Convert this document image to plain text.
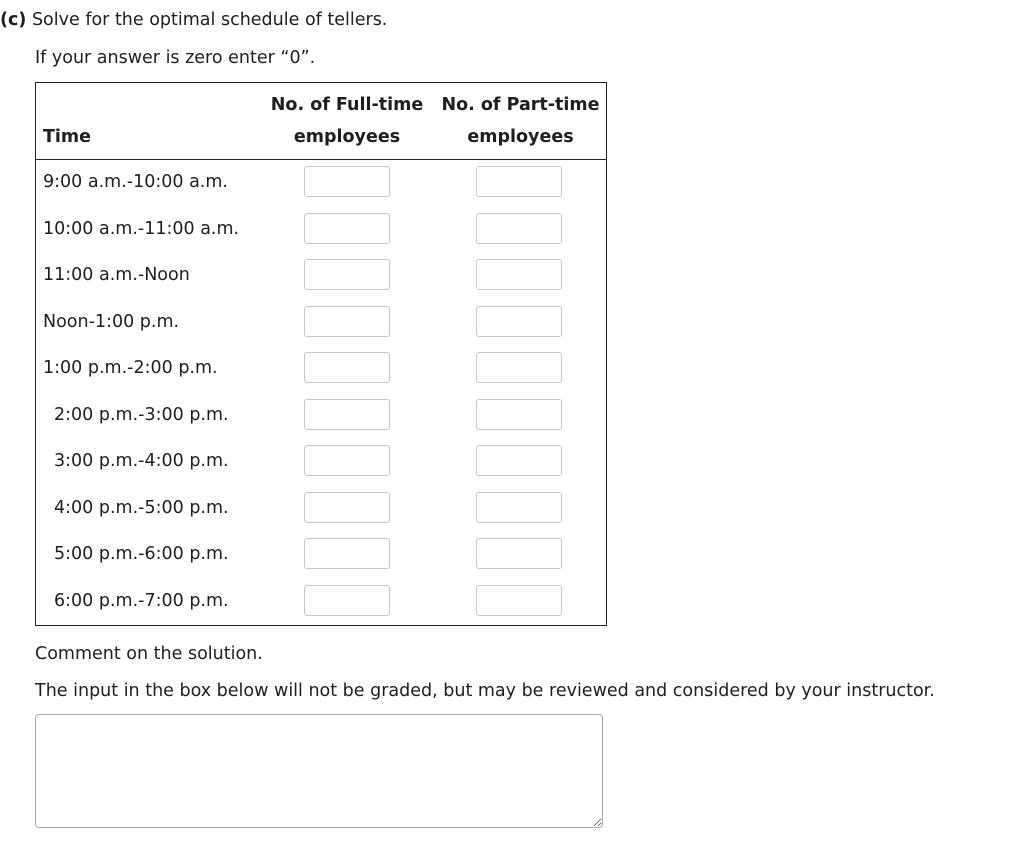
(c) Solve for the optimal schedule of tellers.
If your answer is zero enter “0”.
Time
No. of Full-time
employees
No. of Part-time
employees
9:00 a.m.-10:00 a.m.
10:00 a.m.-11:00 a.m.
11:00 a.m.-Noon
Noon-1:00 p.m.
1:00 p.m.-2:00 p.m.
2:00 p.m.-3:00 p.m.
3:00 p.m.-4:00 p.m.
4:00 p.m.-5:00 p.m.
5:00 p.m.-6:00 p.m.
6:00 p.m.-7:00 p.m.
Comment on the solution.
The input in the box below will not be graded, but may be reviewed and considered by your instructor.
